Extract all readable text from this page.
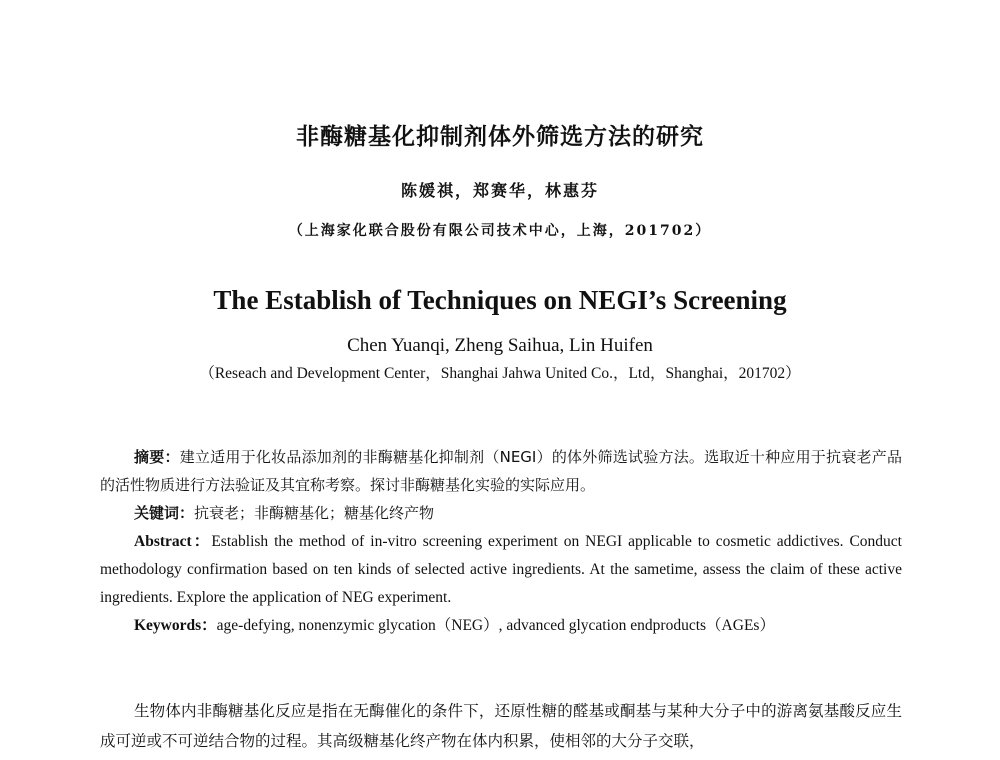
非酶糖基化抑制剂体外筛选方法的研究
陈媛祺，郑赛华，林惠芬
（上海家化联合股份有限公司技术中心，上海，201702）
The Establish of Techniques on NEGI’s Screening
Chen Yuanqi, Zheng Saihua, Lin Huifen
（Reseach and Development Center，Shanghai Jahwa United Co.，Ltd，Shanghai，201702）
摘要：建立适用于化妆品添加剂的非酶糖基化抑制剂（NEGI）的体外筛选试验方法。选取近十种应用于抗衰老产品的活性物质进行方法验证及其宜称考察。探讨非酶糖基化实验的实际应用。
关键词：抗衰老；非酶糖基化；糖基化终产物
Abstract：Establish the method of in-vitro screening experiment on NEGI applicable to cosmetic addictives. Conduct methodology confirmation based on ten kinds of selected active ingredients. At the sametime, assess the claim of these active ingredients. Explore the application of NEG experiment.
Keywords：age-defying, nonenzymic glycation（NEG）, advanced glycation endproducts（AGEs）
生物体内非酶糖基化反应是指在无酶催化的条件下，还原性糖的醛基或酮基与某种大分子中的游离氨基酸反应生成可逆或不可逆结合物的过程。其高级糖基化终产物在体内积累，使相邻的大分子交联，
